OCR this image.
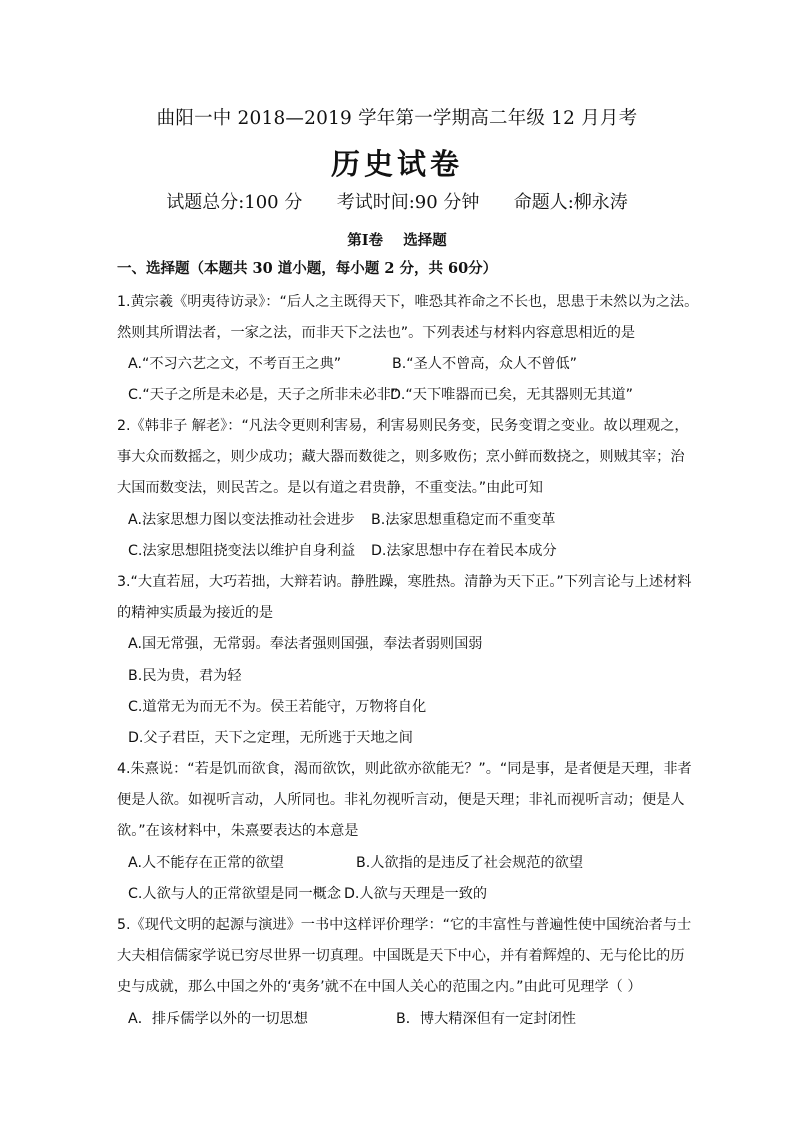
曲阳一中 2018—2019 学年第一学期高二年级 12 月月考
历史试卷
试题总分:100 分      考试时间:90 分钟      命题人:柳永涛
第Ⅰ卷    选择题
一、选择题（本题共 30 道小题，每小题 2 分，共 60分）
1.黄宗羲《明夷待访录》：“后人之主既得天下，唯恐其祚命之不长也，思患于未然以为之法。
然则其所谓法者，一家之法，而非天下之法也”。下列表述与材料内容意思相近的是
A.“不习六艺之文，不考百王之典”	B.“圣人不曾高，众人不曾低”
C.“天子之所是未必是，天子之所非未必非”
D.“天下唯器而已矣，无其器则无其道”
2.《韩非子 解老》：“凡法令更则利害易，利害易则民务变，民务变谓之变业。故以理观之，
事大众而数摇之，则少成功；藏大器而数徙之，则多败伤；烹小鲜而数挠之，则贼其宰；治
大国而数变法，则民苦之。是以有道之君贵静，不重变法。”由此可知
A.法家思想力图以变法推动社会进步 B.法家思想重稳定而不重变革
C.法家思想阻挠变法以维护自身利益 D.法家思想中存在着民本成分
3.“大直若屈，大巧若拙，大辩若讷。静胜躁，寒胜热。清静为天下正。”下列言论与上述材料
的精神实质最为接近的是
A.国无常强，无常弱。奉法者强则国强，奉法者弱则国弱
B.民为贵，君为轻
C.道常无为而无不为。侯王若能守，万物将自化
D.父子君臣，天下之定理，无所逃于天地之间
4.朱熹说：“若是饥而欲食，渴而欲饮，则此欲亦欲能无？”。“同是事，是者便是天理，非者
便是人欲。如视听言动，人所同也。非礼勿视听言动，便是天理；非礼而视听言动；便是人
欲。”在该材料中，朱熹要表达的本意是
A.人不能存在正常的欲望	B.人欲指的是违反了社会规范的欲望
C.人欲与人的正常欲望是同一概念 D.人欲与天理是一致的
5.《现代文明的起源与演进》一书中这样评价理学：“它的丰富性与普遍性使中国统治者与士
大夫相信儒家学说已穷尽世界一切真理。中国既是天下中心，并有着辉煌的、无与伦比的历
史与成就，那么中国之外的‘夷务’就不在中国人关心的范围之内。”由此可见理学（ ）
A．排斥儒学以外的一切思想	B．博大精深但有一定封闭性
